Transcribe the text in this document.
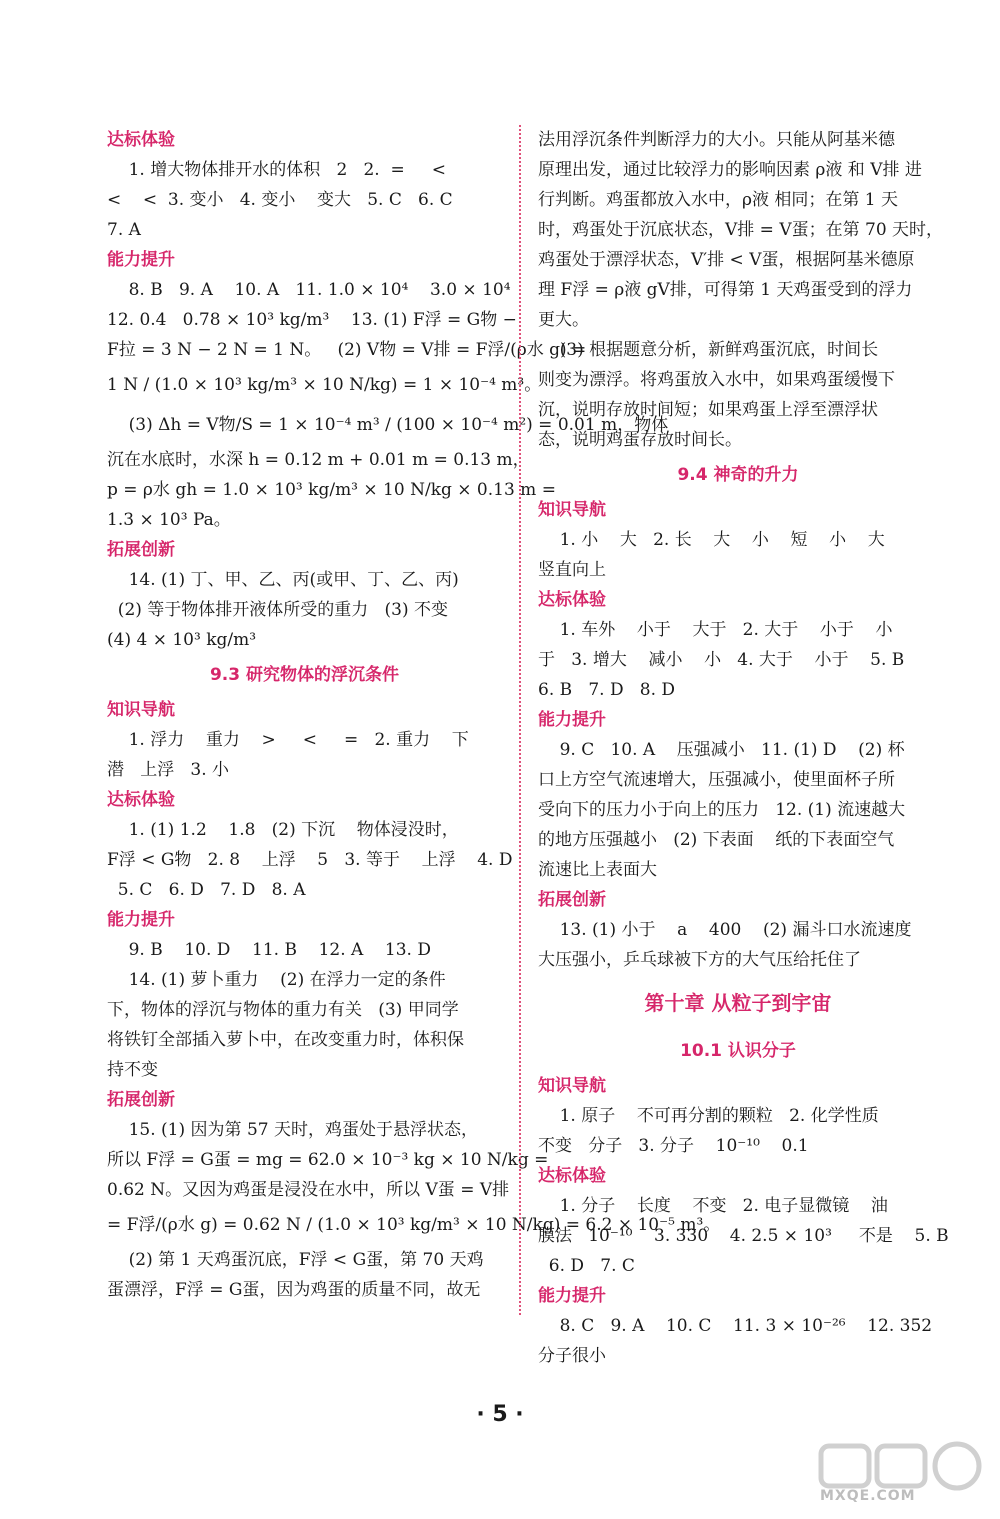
达标体验
1. 增大物体排开水的体积   2   2.  =     <
<    <  3. 变小   4. 变小    变大   5. C   6. C
7. A
能力提升
8. B   9. A    10. A   11. 1.0 × 10⁴    3.0 × 10⁴
12. 0.4   0.78 × 10³ kg/m³    13. (1) F浮 = G物 −
F拉 = 3 N − 2 N = 1 N。   (2) V物 = V排 = F浮/(ρ水 g) =
1 N / (1.0 × 10³ kg/m³ × 10 N/kg) = 1 × 10⁻⁴ m³。
(3) Δh = V物/S = 1 × 10⁻⁴ m³ / (100 × 10⁻⁴ m²) = 0.01 m，物体
沉在水底时，水深 h = 0.12 m + 0.01 m = 0.13 m，
p = ρ水 gh = 1.0 × 10³ kg/m³ × 10 N/kg × 0.13 m =
1.3 × 10³ Pa。
拓展创新
14. (1) 丁、甲、乙、丙(或甲、丁、乙、丙)
(2) 等于物体排开液体所受的重力   (3) 不变
(4) 4 × 10³ kg/m³
9.3 研究物体的浮沉条件
知识导航
1. 浮力    重力    >     <     =   2. 重力    下
潜   上浮   3. 小
达标体验
1. (1) 1.2    1.8   (2) 下沉    物体浸没时，
F浮 < G物   2. 8    上浮    5   3. 等于    上浮    4. D
5. C   6. D   7. D   8. A
能力提升
9. B    10. D    11. B    12. A    13. D
14. (1) 萝卜重力    (2) 在浮力一定的条件
下，物体的浮沉与物体的重力有关   (3) 甲同学
将铁钉全部插入萝卜中，在改变重力时，体积保
持不变
拓展创新
15. (1) 因为第 57 天时，鸡蛋处于悬浮状态，
所以 F浮 = G蛋 = mg = 62.0 × 10⁻³ kg × 10 N/kg =
0.62 N。又因为鸡蛋是浸没在水中，所以 V蛋 = V排
= F浮/(ρ水 g) = 0.62 N / (1.0 × 10³ kg/m³ × 10 N/kg) = 6.2 × 10⁻⁵ m³。
(2) 第 1 天鸡蛋沉底，F浮 < G蛋，第 70 天鸡
蛋漂浮，F浮 = G蛋，因为鸡蛋的质量不同，故无
法用浮沉条件判断浮力的大小。只能从阿基米德
原理出发，通过比较浮力的影响因素 ρ液 和 V排 进
行判断。鸡蛋都放入水中，ρ液 相同；在第 1 天
时，鸡蛋处于沉底状态，V排 = V蛋；在第 70 天时，
鸡蛋处于漂浮状态，V′排 < V蛋，根据阿基米德原
理 F浮 = ρ液 gV排，可得第 1 天鸡蛋受到的浮力
更大。
(3) 根据题意分析，新鲜鸡蛋沉底，时间长
则变为漂浮。将鸡蛋放入水中，如果鸡蛋缓慢下
沉，说明存放时间短；如果鸡蛋上浮至漂浮状
态，说明鸡蛋存放时间长。
9.4 神奇的升力
知识导航
1. 小    大   2. 长    大    小    短    小    大
竖直向上
达标体验
1. 车外    小于    大于   2. 大于    小于    小
于   3. 增大    减小    小   4. 大于    小于    5. B
6. B   7. D   8. D
能力提升
9. C   10. A    压强减小   11. (1) D    (2) 杯
口上方空气流速增大，压强减小，使里面杯子所
受向下的压力小于向上的压力   12. (1) 流速越大
的地方压强越小   (2) 下表面    纸的下表面空气
流速比上表面大
拓展创新
13. (1) 小于    a    400    (2) 漏斗口水流速度
大压强小，乒乓球被下方的大气压给托住了
第十章 从粒子到宇宙
10.1 认识分子
知识导航
1. 原子    不可再分割的颗粒   2. 化学性质
不变   分子   3. 分子    10⁻¹⁰    0.1
达标体验
1. 分子    长度    不变   2. 电子显微镜    油
膜法   10⁻¹⁰    3. 330    4. 2.5 × 10³     不是    5. B
6. D   7. C
能力提升
8. C   9. A    10. C    11. 3 × 10⁻²⁶    12. 352
分子很小
· 5 ·
MXQE.COM
